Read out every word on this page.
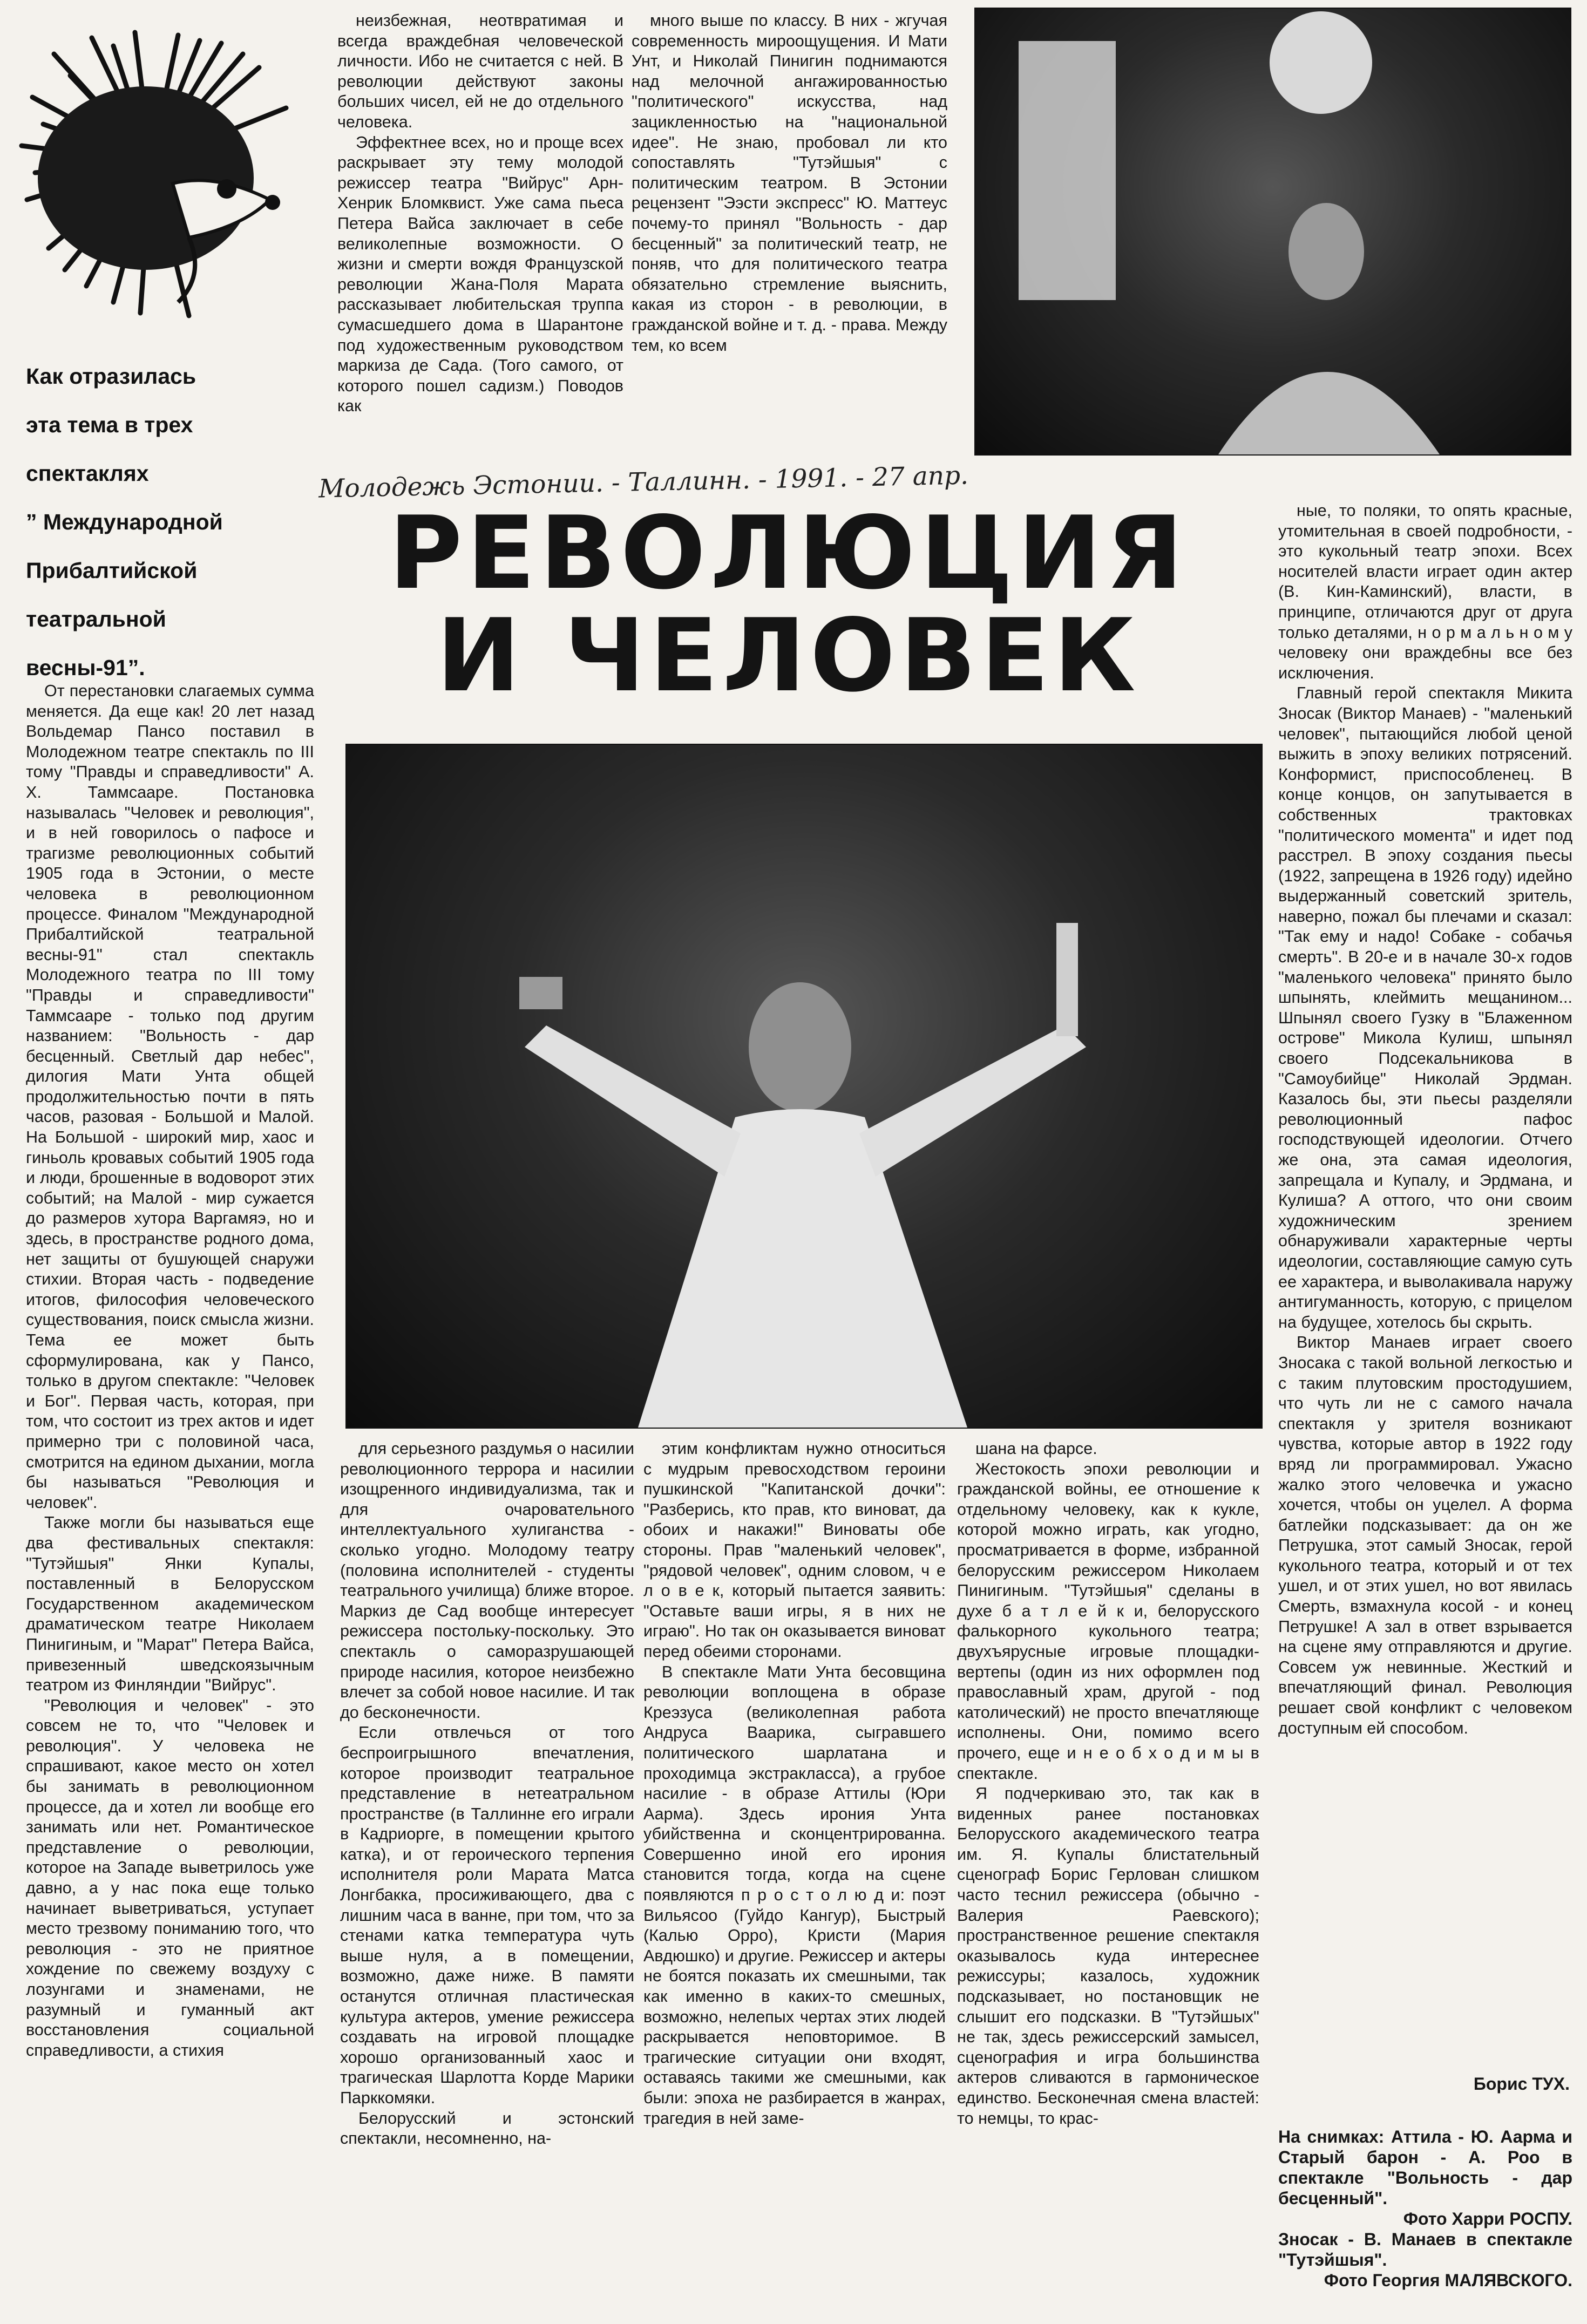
Как отразилась
эта тема в трех
спектаклях
” Международной
Прибалтийской
театральной
весны-91”.

От перестановки слагаемых сумма меняется. Да еще как! 20 лет назад Вольдемар Пансо поставил в Молодежном театре спектакль по III тому "Правды и справедливости" А. Х. Таммсааре. Постановка называлась "Человек и революция", и в ней говорилось о пафосе и трагизме революционных событий 1905 года в Эстонии, о месте человека в революционном процессе. Финалом "Международной Прибалтийской театральной весны-91" стал спектакль Молодежного театра по III тому "Правды и справедливости" Таммсааре - только под другим названием: "Вольность - дар бесценный. Светлый дар небес", дилогия Мати Унта общей продолжительностью почти в пять часов, разовая - Большой и Малой. На Большой - широкий мир, хаос и гиньоль кровавых событий 1905 года и люди, брошенные в водоворот этих событий; на Малой - мир сужается до размеров хутора Варгамяэ, но и здесь, в пространстве родного дома, нет защиты от бушующей снаружи стихии. Вторая часть - подведение итогов, философия человеческого существования, поиск смысла жизни. Тема ее может быть сформулирована, как у Пансо, только в другом спектакле: "Человек и Бог". Первая часть, которая, при том, что состоит из трех актов и идет примерно три с половиной часа, смотрится на едином дыхании, могла бы называться "Революция и человек".

Также могли бы называться еще два фестивальных спектакля: "Тутэйшыя" Янки Купалы, поставленный в Белорусском Государственном академическом драматическом театре Николаем Пинигиным, и "Марат" Петера Вайса, привезенный шведскоязычным театром из Финляндии "Вийрус".

"Революция и человек" - это совсем не то, что "Человек и революция". У человека не спрашивают, какое место он хотел бы занимать в революционном процессе, да и хотел ли вообще его занимать или нет. Романтическое представление о революции, которое на Западе выветрилось уже давно, а у нас пока еще только начинает выветриваться, уступает место трезвому пониманию того, что революция - это не приятное хождение по свежему воздуху с лозунгами и знаменами, не разумный и гуманный акт восстановления социальной справедливости, а стихия

неизбежная, неотвратимая и всегда враждебная человеческой личности. Ибо не считается с ней. В революции действуют законы больших чисел, ей не до отдельного человека.

Эффектнее всех, но и проще всех раскрывает эту тему молодой режиссер театра "Вийрус" Арн-Хенрик Бломквист. Уже сама пьеса Петера Вайса заключает в себе великолепные возможности. О жизни и смерти вождя Французской революции Жана-Поля Марата рассказывает любительская труппа сумасшедшего дома в Шарантоне под художественным руководством маркиза де Сада. (Того самого, от которого пошел садизм.) Поводов как

много выше по классу. В них - жгучая современность мироощущения. И Мати Унт, и Николай Пинигин поднимаются над мелочной ангажированностью "политического" искусства, над зацикленностью на "национальной идее". Не знаю, пробовал ли кто сопоставлять "Тутэйшыя" с политическим театром. В Эстонии рецензент "Ээсти экспресс" Ю. Маттеус почему-то принял "Вольность - дар бесценный" за политический театр, не поняв, что для политического театра обязательно стремление выяснить, какая из сторон - в революции, в гражданской войне и т. д. - права. Между тем, ко всем

Молодежь Эстонии. - Таллинн. - 1991. - 27 апр.
РЕВОЛЮЦИЯ
И ЧЕЛОВЕК

для серьезного раздумья о насилии революционного террора и насилии изощренного индивидуализма, так и для очаровательного интеллектуального хулиганства - сколько угодно. Молодому театру (половина исполнителей - студенты театрального училища) ближе второе. Маркиз де Сад вообще интересует режиссера постольку-поскольку. Это спектакль о саморазрушающей природе насилия, которое неизбежно влечет за собой новое насилие. И так до бесконечности.

Если отвлечься от того беспроигрышного впечатления, которое производит театральное представление в нетеатральном пространстве (в Таллинне его играли в Кадриорге, в помещении крытого катка), и от героического терпения исполнителя роли Марата Матса Лонгбакка, просиживающего, два с лишним часа в ванне, при том, что за стенами катка температура чуть выше нуля, а в помещении, возможно, даже ниже. В памяти останутся отличная пластическая культура актеров, умение режиссера создавать на игровой площадке хорошо организованный хаос и трагическая Шарлотта Корде Марики Парккомяки.

Белорусский и эстонский спектакли, несомненно, на-

этим конфликтам нужно относиться с мудрым превосходством героини пушкинской "Капитанской дочки": "Разберись, кто прав, кто виноват, да обоих и накажи!" Виноваты обе стороны. Прав "маленький человек", "рядовой человек", одним словом, ч е л о в е к, который пытается заявить: "Оставьте ваши игры, я в них не играю". Но так он оказывается виноват перед обеими сторонами.

В спектакле Мати Унта бесовщина революции воплощена в образе Креэзуса (великолепная работа Андруса Ваарика, сыгравшего политического шарлатана и проходимца экстракласса), а грубое насилие - в образе Аттилы (Юри Аарма). Здесь ирония Унта убийственна и сконцентрированна. Совершенно иной его ирония становится тогда, когда на сцене появляются п р о с т о л ю д и: поэт Вильясоо (Гуйдо Кангур), Быстрый (Калью Орро), Кристи (Мария Авдюшко) и другие. Режиссер и актеры не боятся показать их смешными, так как именно в каких-то смешных, возможно, нелепых чертах этих людей раскрывается неповторимое. В трагические ситуации они входят, оставаясь такими же смешными, как были: эпоха не разбирается в жанрах, трагедия в ней заме-

шана на фарсе.

Жестокость эпохи революции и гражданской войны, ее отношение к отдельному человеку, как к кукле, которой можно играть, как угодно, просматривается в форме, избранной белорусским режиссером Николаем Пинигиным. "Тутэйшыя" сделаны в духе б а т л е й к и, белорусского фалькорного кукольного театра; двухъярусные игровые площадки-вертепы (один из них оформлен под православный храм, другой - под католический) не просто впечатляюще исполнены. Они, помимо всего прочего, еще и н е о б х о д и м ы в спектакле.

Я подчеркиваю это, так как в виденных ранее постановках Белорусского академического театра им. Я. Купалы блистательный сценограф Борис Герлован слишком часто теснил режиссера (обычно - Валерия Раевского); пространственное решение спектакля оказывалось куда интереснее режиссуры; казалось, художник подсказывает, но постановщик не слышит его подсказки. В "Тутэйшых" не так, здесь режиссерский замысел, сценография и игра большинства актеров сливаются в гармоническое единство. Бесконечная смена властей: то немцы, то крас-

ные, то поляки, то опять красные, утомительная в своей подробности, - это кукольный театр эпохи. Всех носителей власти играет один актер (В. Кин-Каминский), власти, в принципе, отличаются друг от друга только деталями, н о р м а л ь н о м у человеку они враждебны все без исключения.

Главный герой спектакля Микита Зносак (Виктор Манаев) - "маленький человек", пытающийся любой ценой выжить в эпоху великих потрясений. Конформист, приспособленец. В конце концов, он запутывается в собственных трактовках "политического момента" и идет под расстрел. В эпоху создания пьесы (1922, запрещена в 1926 году) идейно выдержанный советский зритель, наверно, пожал бы плечами и сказал: "Так ему и надо! Собаке - собачья смерть". В 20-е и в начале 30-х годов "маленького человека" принято было шпынять, клеймить мещанином... Шпынял своего Гузку в "Блаженном острове" Микола Кулиш, шпынял своего Подсекальникова в "Самоубийце" Николай Эрдман. Казалось бы, эти пьесы разделяли революционный пафос господствующей идеологии. Отчего же она, эта самая идеология, запрещала и Купалу, и Эрдмана, и Кулиша? А оттого, что они своим художническим зрением обнаруживали характерные черты идеологии, составляющие самую суть ее характера, и выволакивала наружу антигуманность, которую, с прицелом на будущее, хотелось бы скрыть.

Виктор Манаев играет своего Зносака с такой вольной легкостью и с таким плутовским простодушием, что чуть ли не с самого начала спектакля у зрителя возникают чувства, которые автор в 1922 году вряд ли программировал. Ужасно жалко этого человечка и ужасно хочется, чтобы он уцелел. А форма батлейки подсказывает: да он же Петрушка, этот самый Зносак, герой кукольного театра, который и от тех ушел, и от этих ушел, но вот явилась Смерть, взмахнула косой - и конец Петрушке! А зал в ответ взрывается на сцене яму отправляются и другие. Совсем уж невинные. Жесткий и впечатляющий финал. Революция решает свой конфликт с человеком доступным ей способом.

Борис ТУХ.
На снимках: Аттила - Ю. Аарма и Старый барон - А. Роо в спектакле "Вольность - дар бесценный".
Фото Харри РОСПУ.
Зносак - В. Манаев в спектакле "Тутэйшыя".
Фото Георгия МАЛЯВСКОГО.
